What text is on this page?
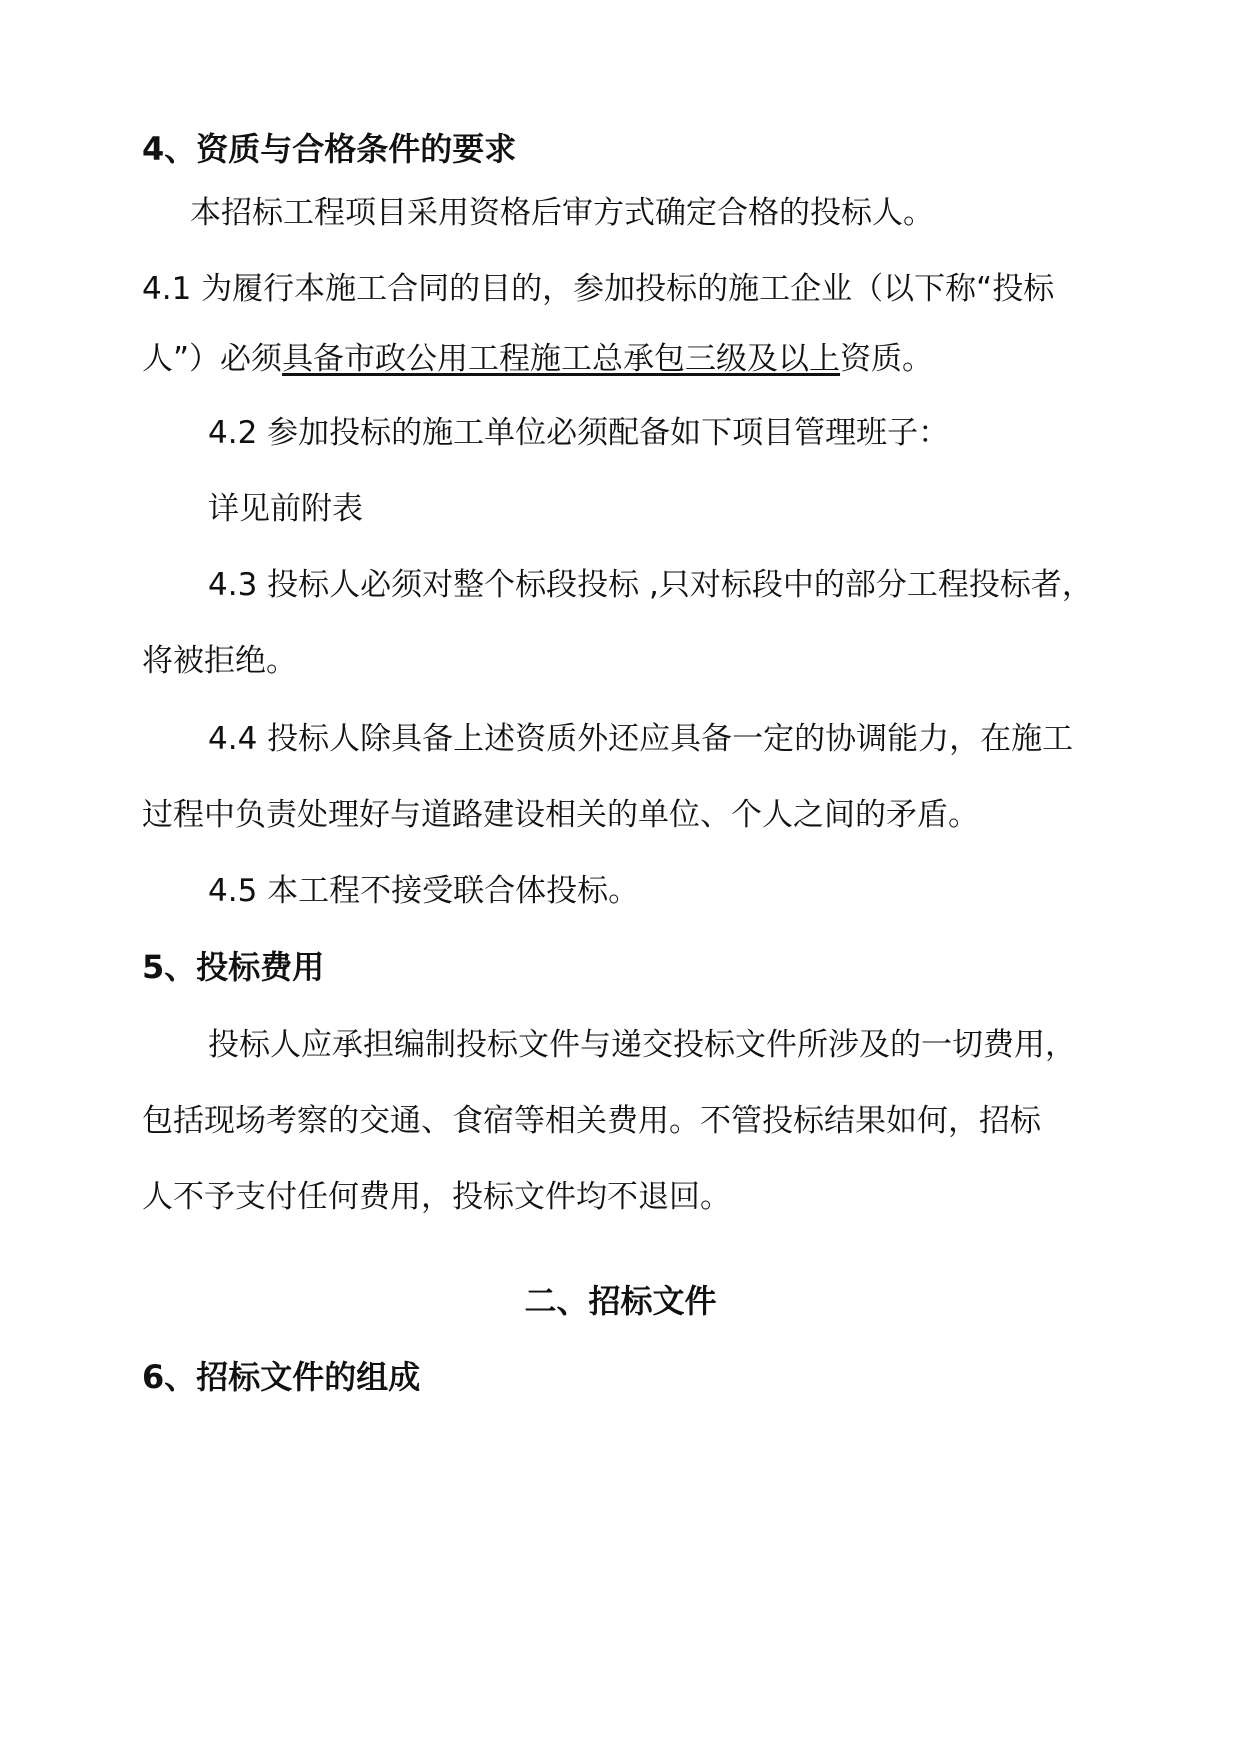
4、资质与合格条件的要求

本招标工程项目采用资格后审方式确定合格的投标人。

4.1 为履行本施工合同的目的，参加投标的施工企业（以下称“投标

人”）必须具备市政公用工程施工总承包三级及以上资质。

4.2 参加投标的施工单位必须配备如下项目管理班子：

详见前附表

4.3 投标人必须对整个标段投标 ,只对标段中的部分工程投标者，

将被拒绝。

4.4 投标人除具备上述资质外还应具备一定的协调能力，在施工

过程中负责处理好与道路建设相关的单位、个人之间的矛盾。

4.5 本工程不接受联合体投标。

5、投标费用

投标人应承担编制投标文件与递交投标文件所涉及的一切费用，

包括现场考察的交通、食宿等相关费用。不管投标结果如何，招标

人不予支付任何费用，投标文件均不退回。

二、招标文件

6、招标文件的组成
